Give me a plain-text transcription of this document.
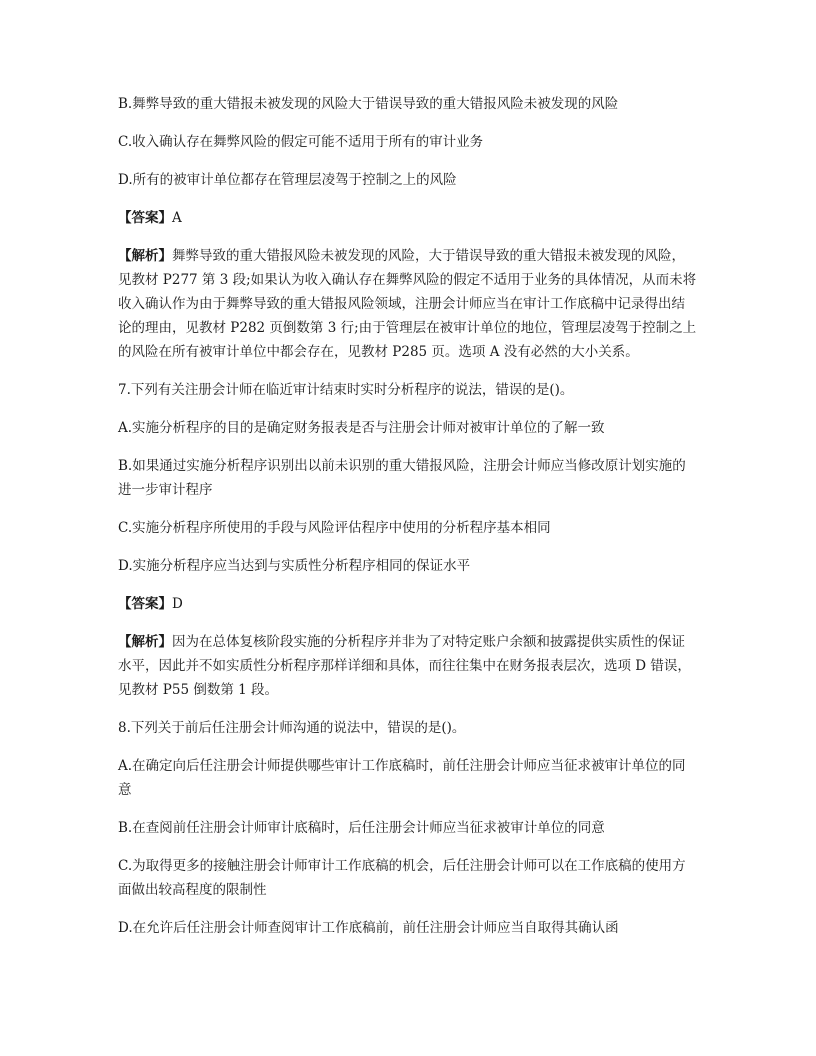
B.舞弊导致的重大错报未被发现的风险大于错误导致的重大错报风险未被发现的风险

C.收入确认存在舞弊风险的假定可能不适用于所有的审计业务

D.所有的被审计单位都存在管理层凌驾于控制之上的风险

【答案】A

【解析】舞弊导致的重大错报风险未被发现的风险，大于错误导致的重大错报未被发现的风险，见教材 P277 第 3 段;如果认为收入确认存在舞弊风险的假定不适用于业务的具体情况，从而未将收入确认作为由于舞弊导致的重大错报风险领域，注册会计师应当在审计工作底稿中记录得出结论的理由，见教材 P282 页倒数第 3 行;由于管理层在被审计单位的地位，管理层凌驾于控制之上的风险在所有被审计单位中都会存在，见教材 P285 页。选项 A 没有必然的大小关系。

7.下列有关注册会计师在临近审计结束时实时分析程序的说法，错误的是()。

A.实施分析程序的目的是确定财务报表是否与注册会计师对被审计单位的了解一致

B.如果通过实施分析程序识别出以前未识别的重大错报风险，注册会计师应当修改原计划实施的进一步审计程序

C.实施分析程序所使用的手段与风险评估程序中使用的分析程序基本相同

D.实施分析程序应当达到与实质性分析程序相同的保证水平

【答案】D

【解析】因为在总体复核阶段实施的分析程序并非为了对特定账户余额和披露提供实质性的保证水平，因此并不如实质性分析程序那样详细和具体，而往往集中在财务报表层次，选项 D 错误，见教材 P55 倒数第 1 段。

8.下列关于前后任注册会计师沟通的说法中，错误的是()。

A.在确定向后任注册会计师提供哪些审计工作底稿时，前任注册会计师应当征求被审计单位的同意

B.在查阅前任注册会计师审计底稿时，后任注册会计师应当征求被审计单位的同意

C.为取得更多的接触注册会计师审计工作底稿的机会，后任注册会计师可以在工作底稿的使用方面做出较高程度的限制性

D.在允许后任注册会计师查阅审计工作底稿前，前任注册会计师应当自取得其确认函
